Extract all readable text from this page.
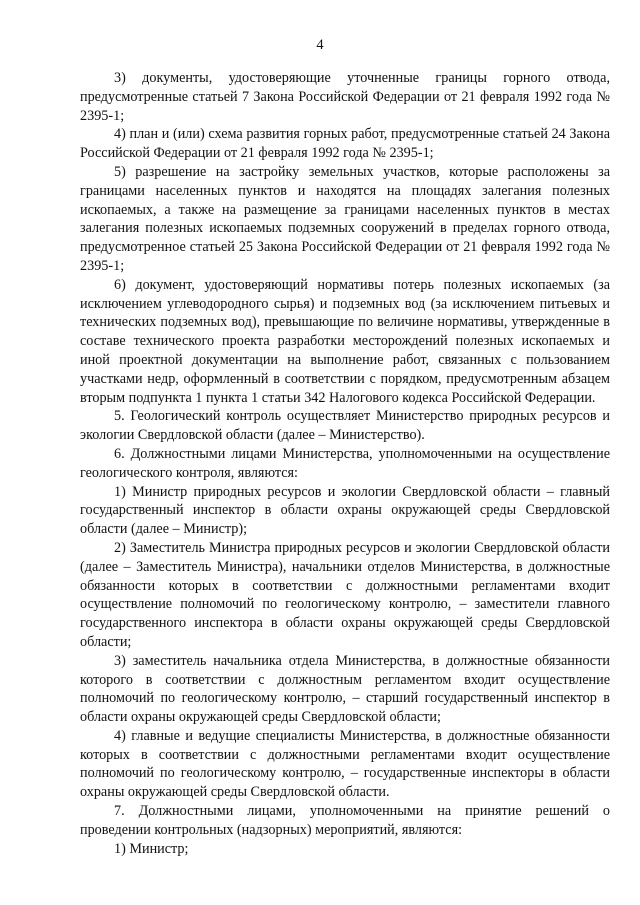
4

3) документы, удостоверяющие уточненные границы горного отвода, предусмотренные статьей 7 Закона Российской Федерации от 21 февраля 1992 года № 2395-1;

4) план и (или) схема развития горных работ, предусмотренные статьей 24 Закона Российской Федерации от 21 февраля 1992 года № 2395-1;

5) разрешение на застройку земельных участков, которые расположены за границами населенных пунктов и находятся на площадях залегания полезных ископаемых, а также на размещение за границами населенных пунктов в местах залегания полезных ископаемых подземных сооружений в пределах горного отвода, предусмотренное статьей 25 Закона Российской Федерации от 21 февраля 1992 года № 2395-1;

6) документ, удостоверяющий нормативы потерь полезных ископаемых (за исключением углеводородного сырья) и подземных вод (за исключением питьевых и технических подземных вод), превышающие по величине нормативы, утвержденные в составе технического проекта разработки месторождений полезных ископаемых и иной проектной документации на выполнение работ, связанных с пользованием участками недр, оформленный в соответствии с порядком, предусмотренным абзацем вторым подпункта 1 пункта 1 статьи 342 Налогового кодекса Российской Федерации.

5. Геологический контроль осуществляет Министерство природных ресурсов и экологии Свердловской области (далее – Министерство).

6. Должностными лицами Министерства, уполномоченными на осуществление геологического контроля, являются:

1) Министр природных ресурсов и экологии Свердловской области – главный государственный инспектор в области охраны окружающей среды Свердловской области (далее – Министр);

2) Заместитель Министра природных ресурсов и экологии Свердловской области (далее – Заместитель Министра), начальники отделов Министерства, в должностные обязанности которых в соответствии с должностными регламентами входит осуществление полномочий по геологическому контролю, – заместители главного государственного инспектора в области охраны окружающей среды Свердловской области;

3) заместитель начальника отдела Министерства, в должностные обязанности которого в соответствии с должностным регламентом входит осуществление полномочий по геологическому контролю, – старший государственный инспектор в области охраны окружающей среды Свердловской области;

4) главные и ведущие специалисты Министерства, в должностные обязанности которых в соответствии с должностными регламентами входит осуществление полномочий по геологическому контролю, – государственные инспекторы в области охраны окружающей среды Свердловской области.

7. Должностными лицами, уполномоченными на принятие решений о проведении контрольных (надзорных) мероприятий, являются:

1) Министр;
